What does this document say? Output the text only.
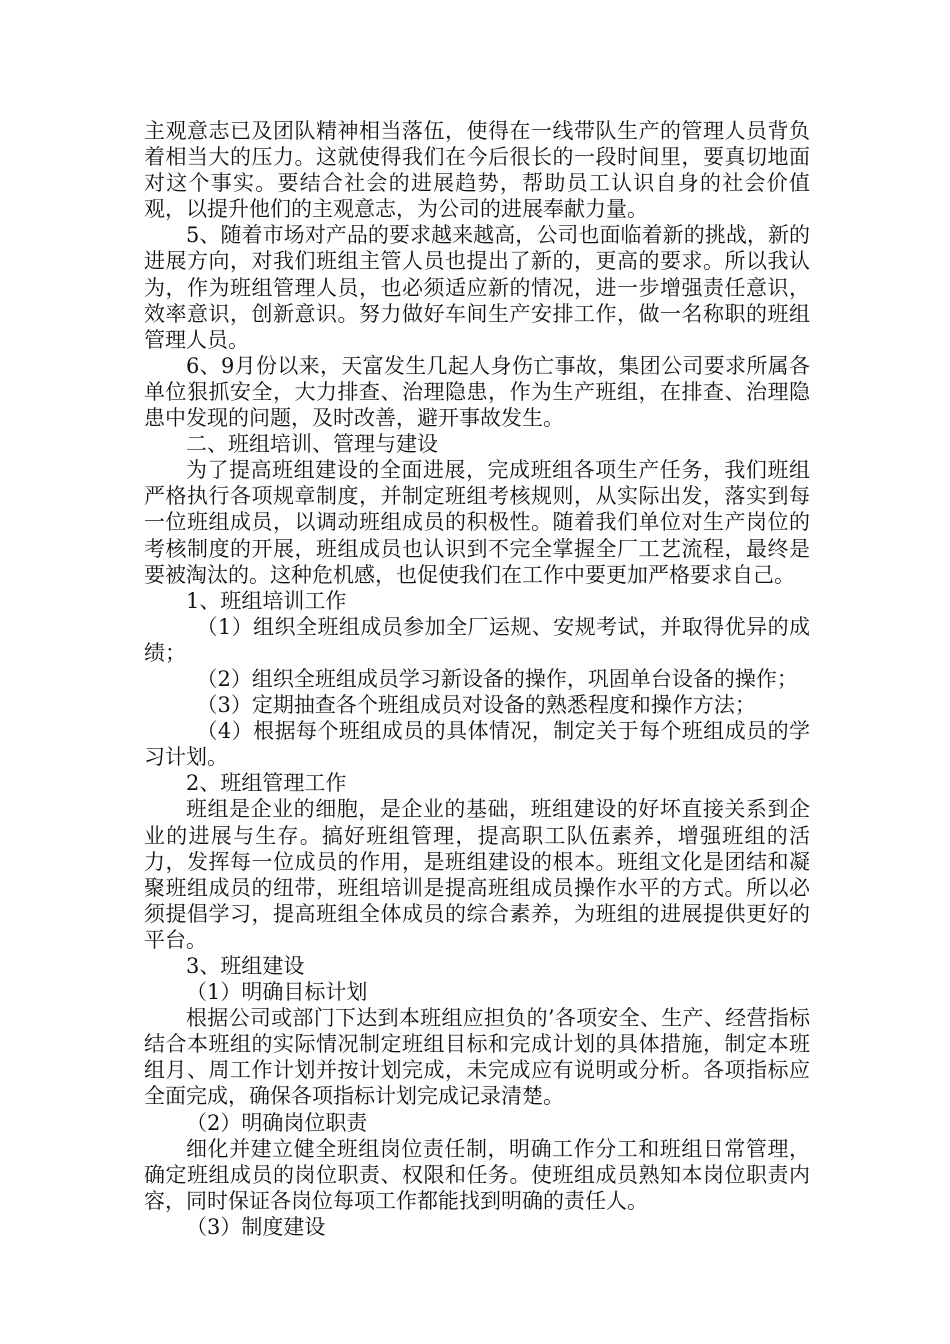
主观意志已及团队精神相当落伍，使得在一线带队生产的管理人员背负着相当大的压力。这就使得我们在今后很长的一段时间里，要真切地面对这个事实。要结合社会的进展趋势，帮助员工认识自身的社会价值观，以提升他们的主观意志，为公司的进展奉献力量。

5、随着市场对产品的要求越来越高，公司也面临着新的挑战，新的进展方向，对我们班组主管人员也提出了新的，更高的要求。所以我认为，作为班组管理人员，也必须适应新的情况，进一步增强责任意识，效率意识，创新意识。努力做好车间生产安排工作，做一名称职的班组管理人员。

6、9月份以来，天富发生几起人身伤亡事故，集团公司要求所属各单位狠抓安全，大力排查、治理隐患，作为生产班组，在排查、治理隐患中发现的问题，及时改善，避开事故发生。

二、班组培训、管理与建设

为了提高班组建设的全面进展，完成班组各项生产任务，我们班组严格执行各项规章制度，并制定班组考核规则，从实际出发，落实到每一位班组成员，以调动班组成员的积极性。随着我们单位对生产岗位的考核制度的开展，班组成员也认识到不完全掌握全厂工艺流程，最终是要被淘汰的。这种危机感，也促使我们在工作中要更加严格要求自己。

1、班组培训工作

（1）组织全班组成员参加全厂运规、安规考试，并取得优异的成绩；

（2）组织全班组成员学习新设备的操作，巩固单台设备的操作；

（3）定期抽查各个班组成员对设备的熟悉程度和操作方法；

（4）根据每个班组成员的具体情况，制定关于每个班组成员的学习计划。

2、班组管理工作

班组是企业的细胞，是企业的基础，班组建设的好坏直接关系到企业的进展与生存。搞好班组管理，提高职工队伍素养，增强班组的活力，发挥每一位成员的作用，是班组建设的根本。班组文化是团结和凝聚班组成员的纽带，班组培训是提高班组成员操作水平的方式。所以必须提倡学习，提高班组全体成员的综合素养，为班组的进展提供更好的平台。

3、班组建设

（1）明确目标计划

根据公司或部门下达到本班组应担负的’各项安全、生产、经营指标结合本班组的实际情况制定班组目标和完成计划的具体措施，制定本班组月、周工作计划并按计划完成，未完成应有说明或分析。各项指标应全面完成，确保各项指标计划完成记录清楚。

（2）明确岗位职责

细化并建立健全班组岗位责任制，明确工作分工和班组日常管理，确定班组成员的岗位职责、权限和任务。使班组成员熟知本岗位职责内容，同时保证各岗位每项工作都能找到明确的责任人。

（3）制度建设
